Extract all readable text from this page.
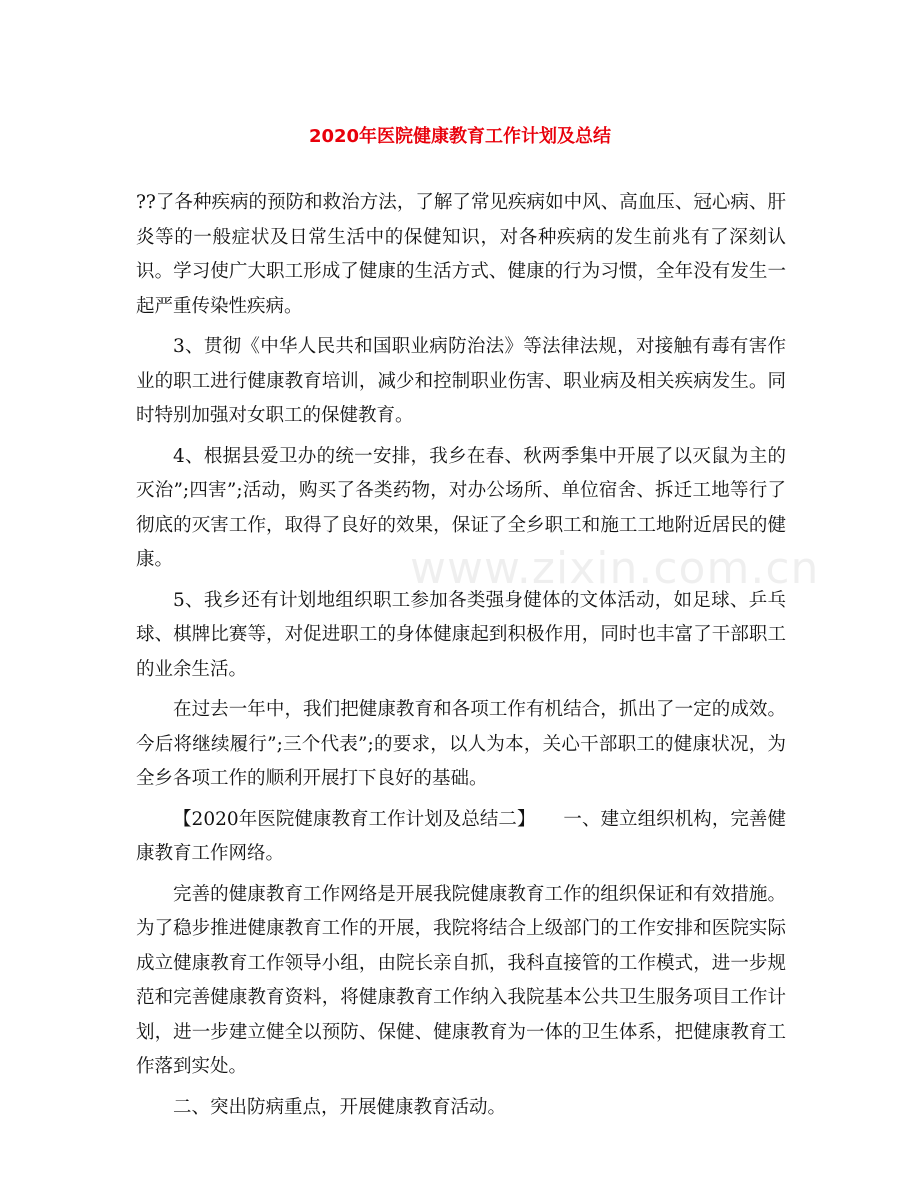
2020年医院健康教育工作计划及总结
www.zixin.com.cn

??了各种疾病的预防和救治方法，了解了常见疾病如中风、高血压、冠心病、肝炎等的一般症状及日常生活中的保健知识，对各种疾病的发生前兆有了深刻认识。学习使广大职工形成了健康的生活方式、健康的行为习惯，全年没有发生一起严重传染性疾病。

3、贯彻《中华人民共和国职业病防治法》等法律法规，对接触有毒有害作业的职工进行健康教育培训，减少和控制职业伤害、职业病及相关疾病发生。同时特别加强对女职工的保健教育。

4、根据县爱卫办的统一安排，我乡在春、秋两季集中开展了以灭鼠为主的灭治”;四害”;活动，购买了各类药物，对办公场所、单位宿舍、拆迁工地等行了彻底的灭害工作，取得了良好的效果，保证了全乡职工和施工工地附近居民的健康。

5、我乡还有计划地组织职工参加各类强身健体的文体活动，如足球、乒乓球、棋牌比赛等，对促进职工的身体健康起到积极作用，同时也丰富了干部职工的业余生活。

在过去一年中，我们把健康教育和各项工作有机结合，抓出了一定的成效。今后将继续履行”;三个代表”;的要求，以人为本，关心干部职工的健康状况，为全乡各项工作的顺利开展打下良好的基础。

【2020年医院健康教育工作计划及总结二】　　一、建立组织机构，完善健康教育工作网络。

完善的健康教育工作网络是开展我院健康教育工作的组织保证和有效措施。为了稳步推进健康教育工作的开展，我院将结合上级部门的工作安排和医院实际成立健康教育工作领导小组，由院长亲自抓，我科直接管的工作模式，进一步规范和完善健康教育资料，将健康教育工作纳入我院基本公共卫生服务项目工作计划，进一步建立健全以预防、保健、健康教育为一体的卫生体系，把健康教育工作落到实处。

二、突出防病重点，开展健康教育活动。
